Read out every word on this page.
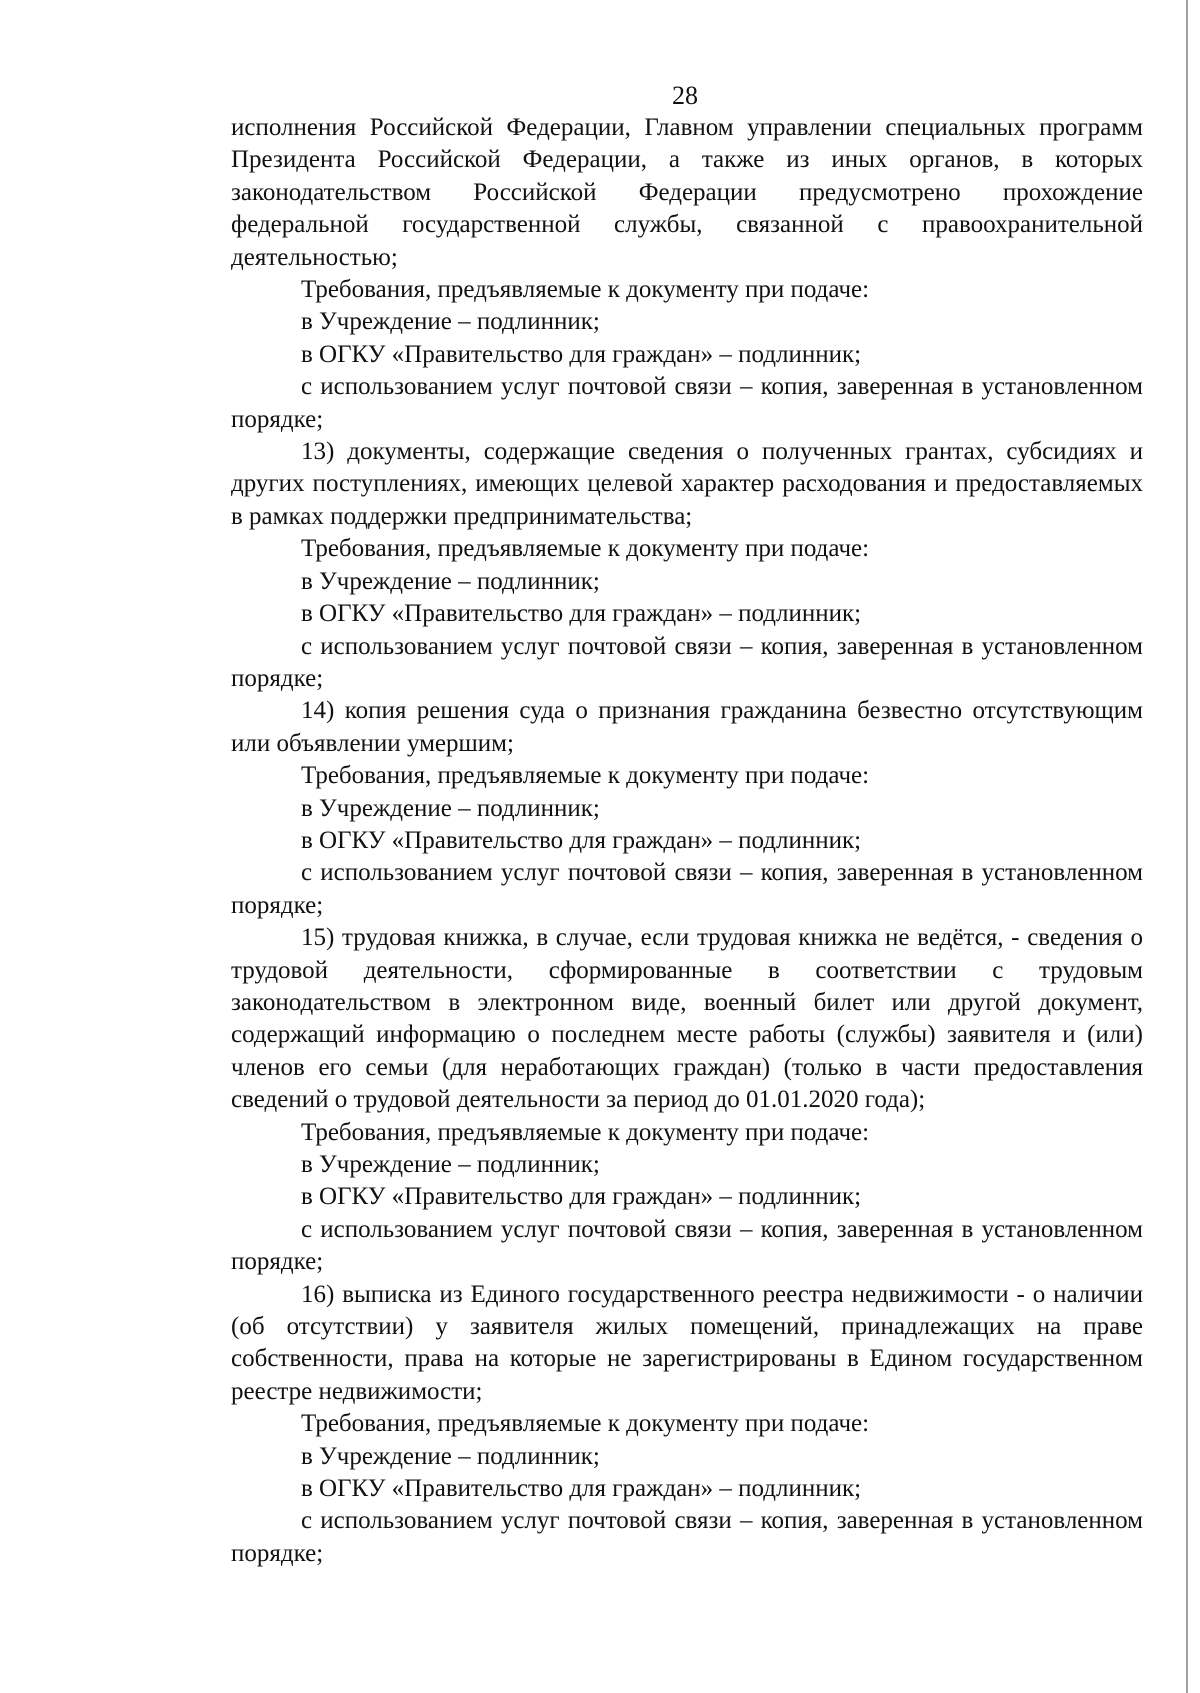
28

исполнения Российской Федерации, Главном управлении специальных программ Президента Российской Федерации, а также из иных органов, в которых законодательством Российской Федерации предусмотрено прохождение федеральной государственной службы, связанной с правоохранительной деятельностью;

Требования, предъявляемые к документу при подаче:

в Учреждение – подлинник;

в ОГКУ «Правительство для граждан» – подлинник;

с использованием услуг почтовой связи – копия, заверенная в установленном порядке;

13) документы, содержащие сведения о полученных грантах, субсидиях и других поступлениях, имеющих целевой характер расходования и предоставляемых в рамках поддержки предпринимательства;

Требования, предъявляемые к документу при подаче:

в Учреждение – подлинник;

в ОГКУ «Правительство для граждан» – подлинник;

с использованием услуг почтовой связи – копия, заверенная в установленном порядке;

14) копия решения суда о признания гражданина безвестно отсутствующим или объявлении умершим;

Требования, предъявляемые к документу при подаче:

в Учреждение – подлинник;

в ОГКУ «Правительство для граждан» – подлинник;

с использованием услуг почтовой связи – копия, заверенная в установленном порядке;

15) трудовая книжка, в случае, если трудовая книжка не ведётся, - сведения о трудовой деятельности, сформированные в соответствии с трудовым законодательством в электронном виде, военный билет или другой документ, содержащий информацию о последнем месте работы (службы) заявителя и (или) членов его семьи (для неработающих граждан) (только в части предоставления сведений о трудовой деятельности за период до 01.01.2020 года);

Требования, предъявляемые к документу при подаче:

в Учреждение – подлинник;

в ОГКУ «Правительство для граждан» – подлинник;

с использованием услуг почтовой связи – копия, заверенная в установленном порядке;

16) выписка из Единого государственного реестра недвижимости - о наличии (об отсутствии) у заявителя жилых помещений, принадлежащих на праве собственности, права на которые не зарегистрированы в Едином государственном реестре недвижимости;

Требования, предъявляемые к документу при подаче:

в Учреждение – подлинник;

в ОГКУ «Правительство для граждан» – подлинник;

с использованием услуг почтовой связи – копия, заверенная в установленном порядке;
